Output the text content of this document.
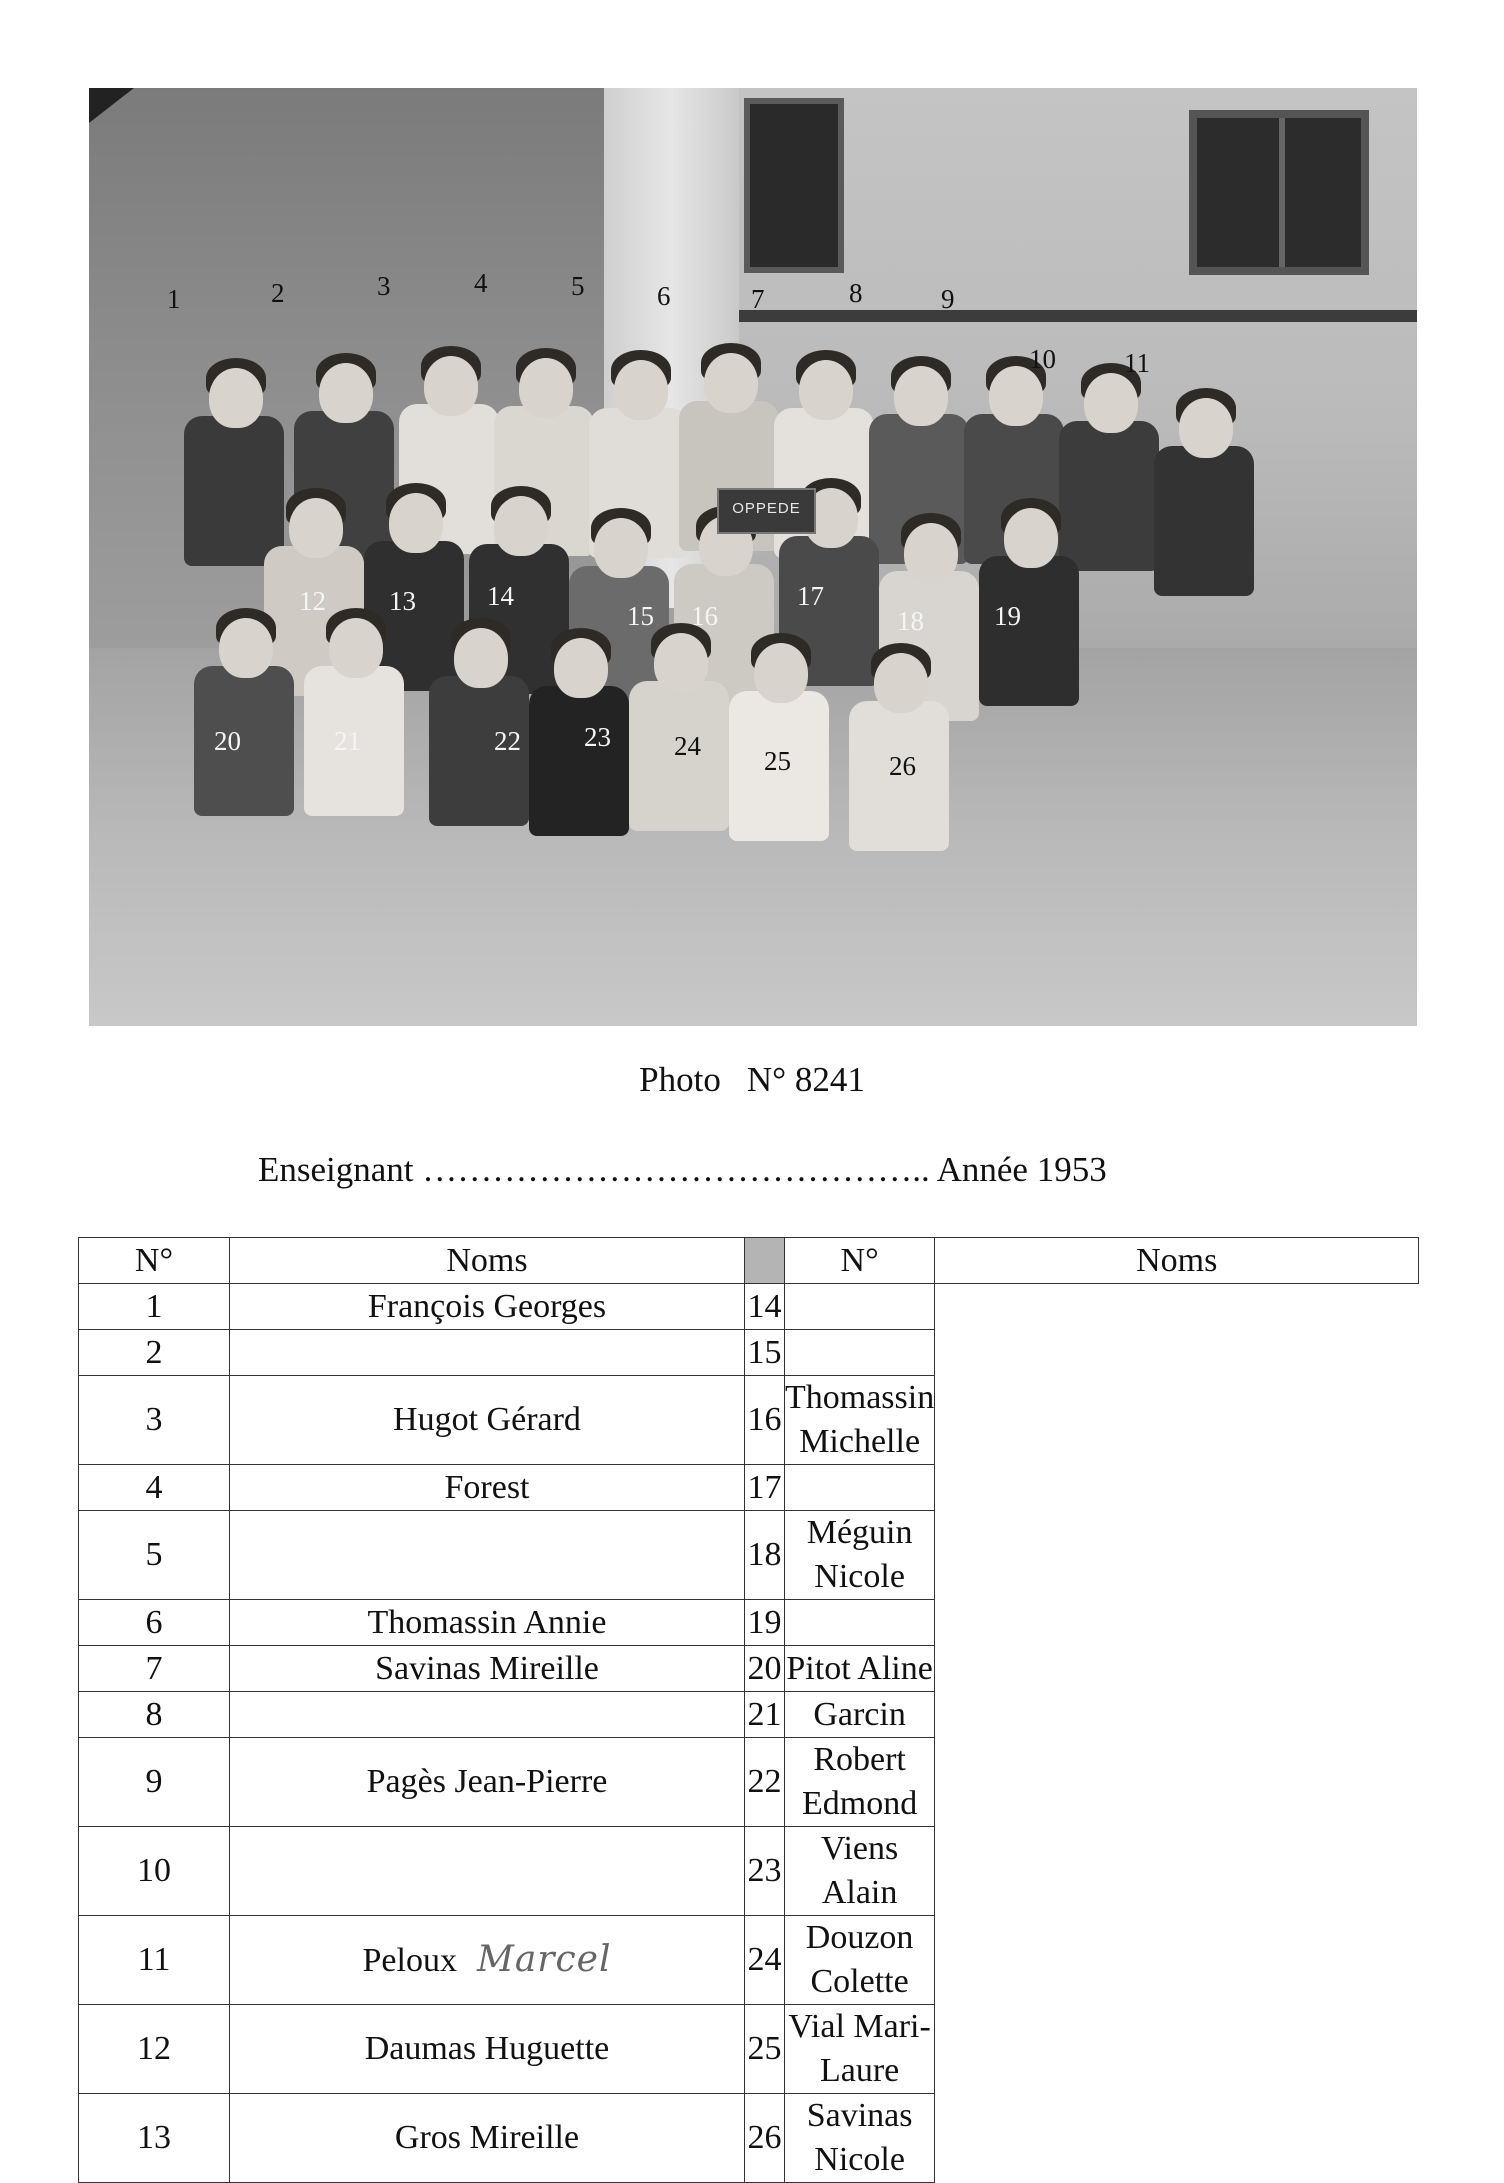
OPPEDE
1	2	3	4	5	6	7	8	9
10	11
12 13	14
15 16
17
18	19
20	21	22 23 24 25	26
Photo N° 8241
Enseignant …………………………………….. Année 1953
N°	Noms		N°	Noms
1	François Georges	14		
2		15		
3	Hugot Gérard	16	Thomassin Michelle	
4	Forest	17		
5		18	Méguin Nicole	
6	Thomassin Annie	19		
7	Savinas Mireille	20	Pitot Aline	
8		21	Garcin	
9	Pagès Jean-Pierre	22	Robert Edmond	
10		23	Viens Alain	
11	Peloux Marcel	24	Douzon Colette	
12	Daumas Huguette	25	Vial Mari-Laure	
13	Gros Mireille	26	Savinas Nicole	
